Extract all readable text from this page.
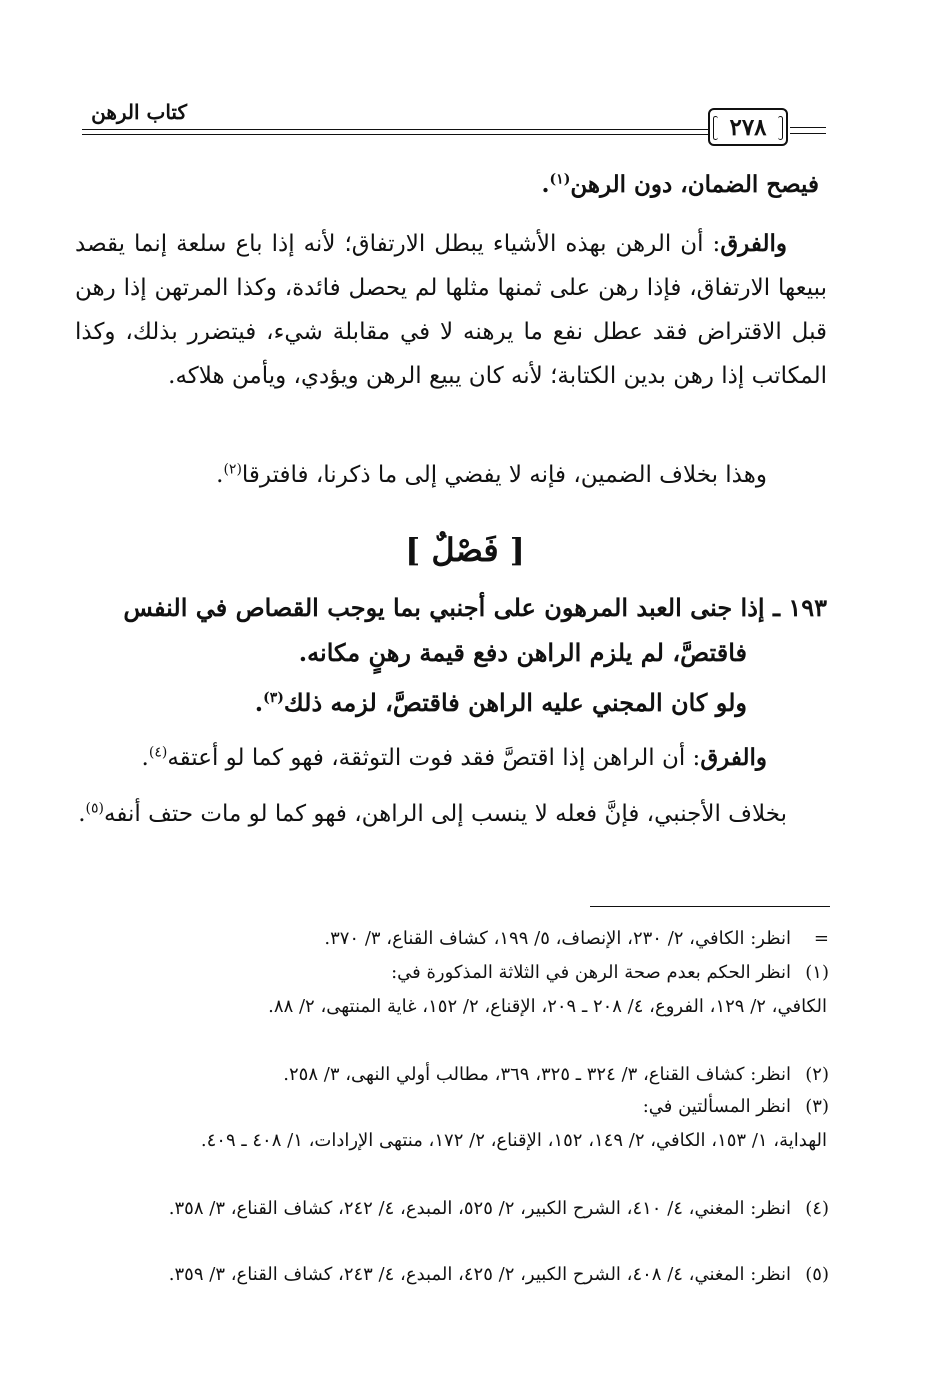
كتاب الرهن
٢٧٨
فيصح الضمان، دون الرهن$^{(١)}$.
والفرق: أن الرهن بهذه الأشياء يبطل الارتفاق؛ لأنه إذا باع سلعة إنما يقصد ببيعها الارتفاق، فإذا رهن على ثمنها مثلها لم يحصل فائدة، وكذا المرتهن إذا رهن قبل الاقتراض فقد عطل نفع ما يرهنه لا في مقابلة شيء، فيتضرر بذلك، وكذا المكاتب إذا رهن بدين الكتابة؛ لأنه كان يبيع الرهن ويؤدي، ويأمن هلاكه.
وهذا بخلاف الضمين، فإنه لا يفضي إلى ما ذكرنا، فافترقا$^{(٢)}$.
[ فَصْلٌ ]
١٩٣ ـ إذا جنى العبد المرهون على أجنبي بما يوجب القصاص في النفس
فاقتصَّ، لم يلزم الراهن دفع قيمة رهنٍ مكانه.
ولو كان المجني عليه الراهن فاقتصَّ، لزمه ذلك$^{(٣)}$.
والفرق: أن الراهن إذا اقتصَّ فقد فوت التوثقة، فهو كما لو أعتقه$^{(٤)}$.
بخلاف الأجنبي، فإنَّ فعله لا ينسب إلى الراهن، فهو كما لو مات حتف أنفه$^{(٥)}$.
=
انظر: الكافي، ٢/ ٢٣٠، الإنصاف، ٥/ ١٩٩، كشاف القناع، ٣/ ٣٧٠.
(١)
انظر الحكم بعدم صحة الرهن في الثلاثة المذكورة في:
الكافي، ٢/ ١٢٩، الفروع، ٤/ ٢٠٨ ـ ٢٠٩، الإقناع، ٢/ ١٥٢، غاية المنتهى، ٢/ ٨٨.
(٢)
انظر: كشاف القناع، ٣/ ٣٢٤ ـ ٣٢٥، ٣٦٩، مطالب أولي النهى، ٣/ ٢٥٨.
(٣)
انظر المسألتين في:
الهداية، ١/ ١٥٣، الكافي، ٢/ ١٤٩، ١٥٢، الإقناع، ٢/ ١٧٢، منتهى الإرادات، ١/ ٤٠٨ ـ ٤٠٩.
(٤)
انظر: المغني، ٤/ ٤١٠، الشرح الكبير، ٢/ ٥٢٥، المبدع، ٤/ ٢٤٢، كشاف القناع، ٣/ ٣٥٨.
(٥)
انظر: المغني، ٤/ ٤٠٨، الشرح الكبير، ٢/ ٤٢٥، المبدع، ٤/ ٢٤٣، كشاف القناع، ٣/ ٣٥٩.
